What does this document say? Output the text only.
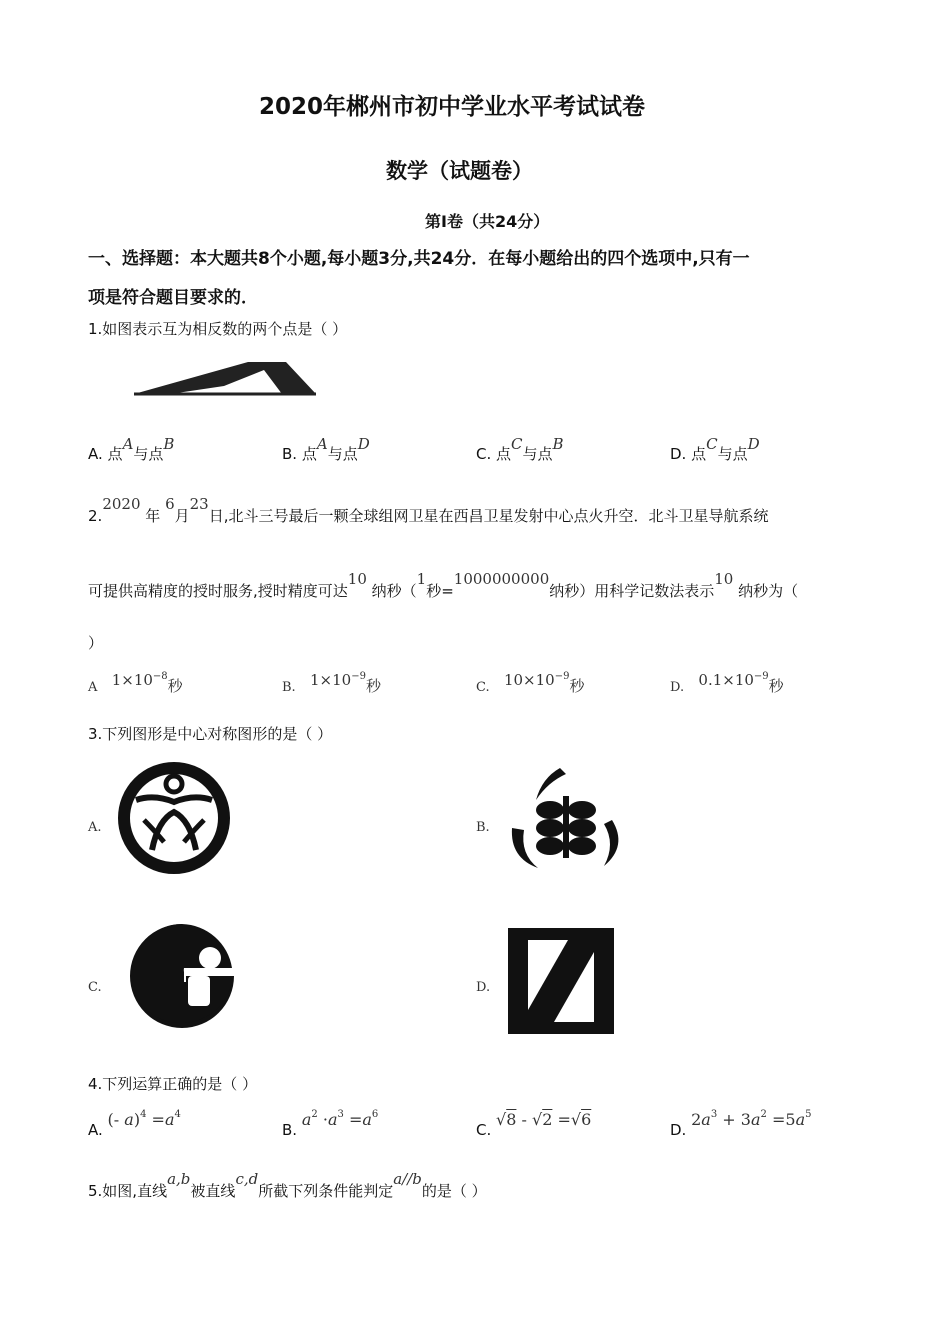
2020年郴州市初中学业水平考试试卷
数学（试题卷）
第Ⅰ卷（共24分）
一、选择题：本大题共8个小题,每小题3分,共24分．在每小题给出的四个选项中,只有一
项是符合题目要求的．
1.如图表示互为相反数的两个点是（ ）
A. 点A与点B
B. 点A与点D
C. 点C与点B
D. 点C与点D
2.2020 年 6月23日,北斗三号最后一颗全球组网卫星在西昌卫星发射中心点火升空．北斗卫星导航系统
可提供高精度的授时服务,授时精度可达10 纳秒（1秒=1000000000纳秒）用科学记数法表示10 纳秒为（
）
A $1\times 10^{-8}$秒	B. $1\times 10^{-9}$秒	C. $10\times 10^{-9}$秒	D. $0.1\times 10^{-9}$秒
3.下列图形是中心对称图形的是（ ）
A.	B.
C.	D.
4.下列运算正确的是（ ）
A. (- $a)^4 =a^4$
B. $a^2 \cdot a^3 =a^6$
C. √8 - √2 =√6
D. $2a^3 + 3a^2 =5a^5$
5.如图,直线a,b被直线c,d所截下列条件能判定a//b的是（ ）
